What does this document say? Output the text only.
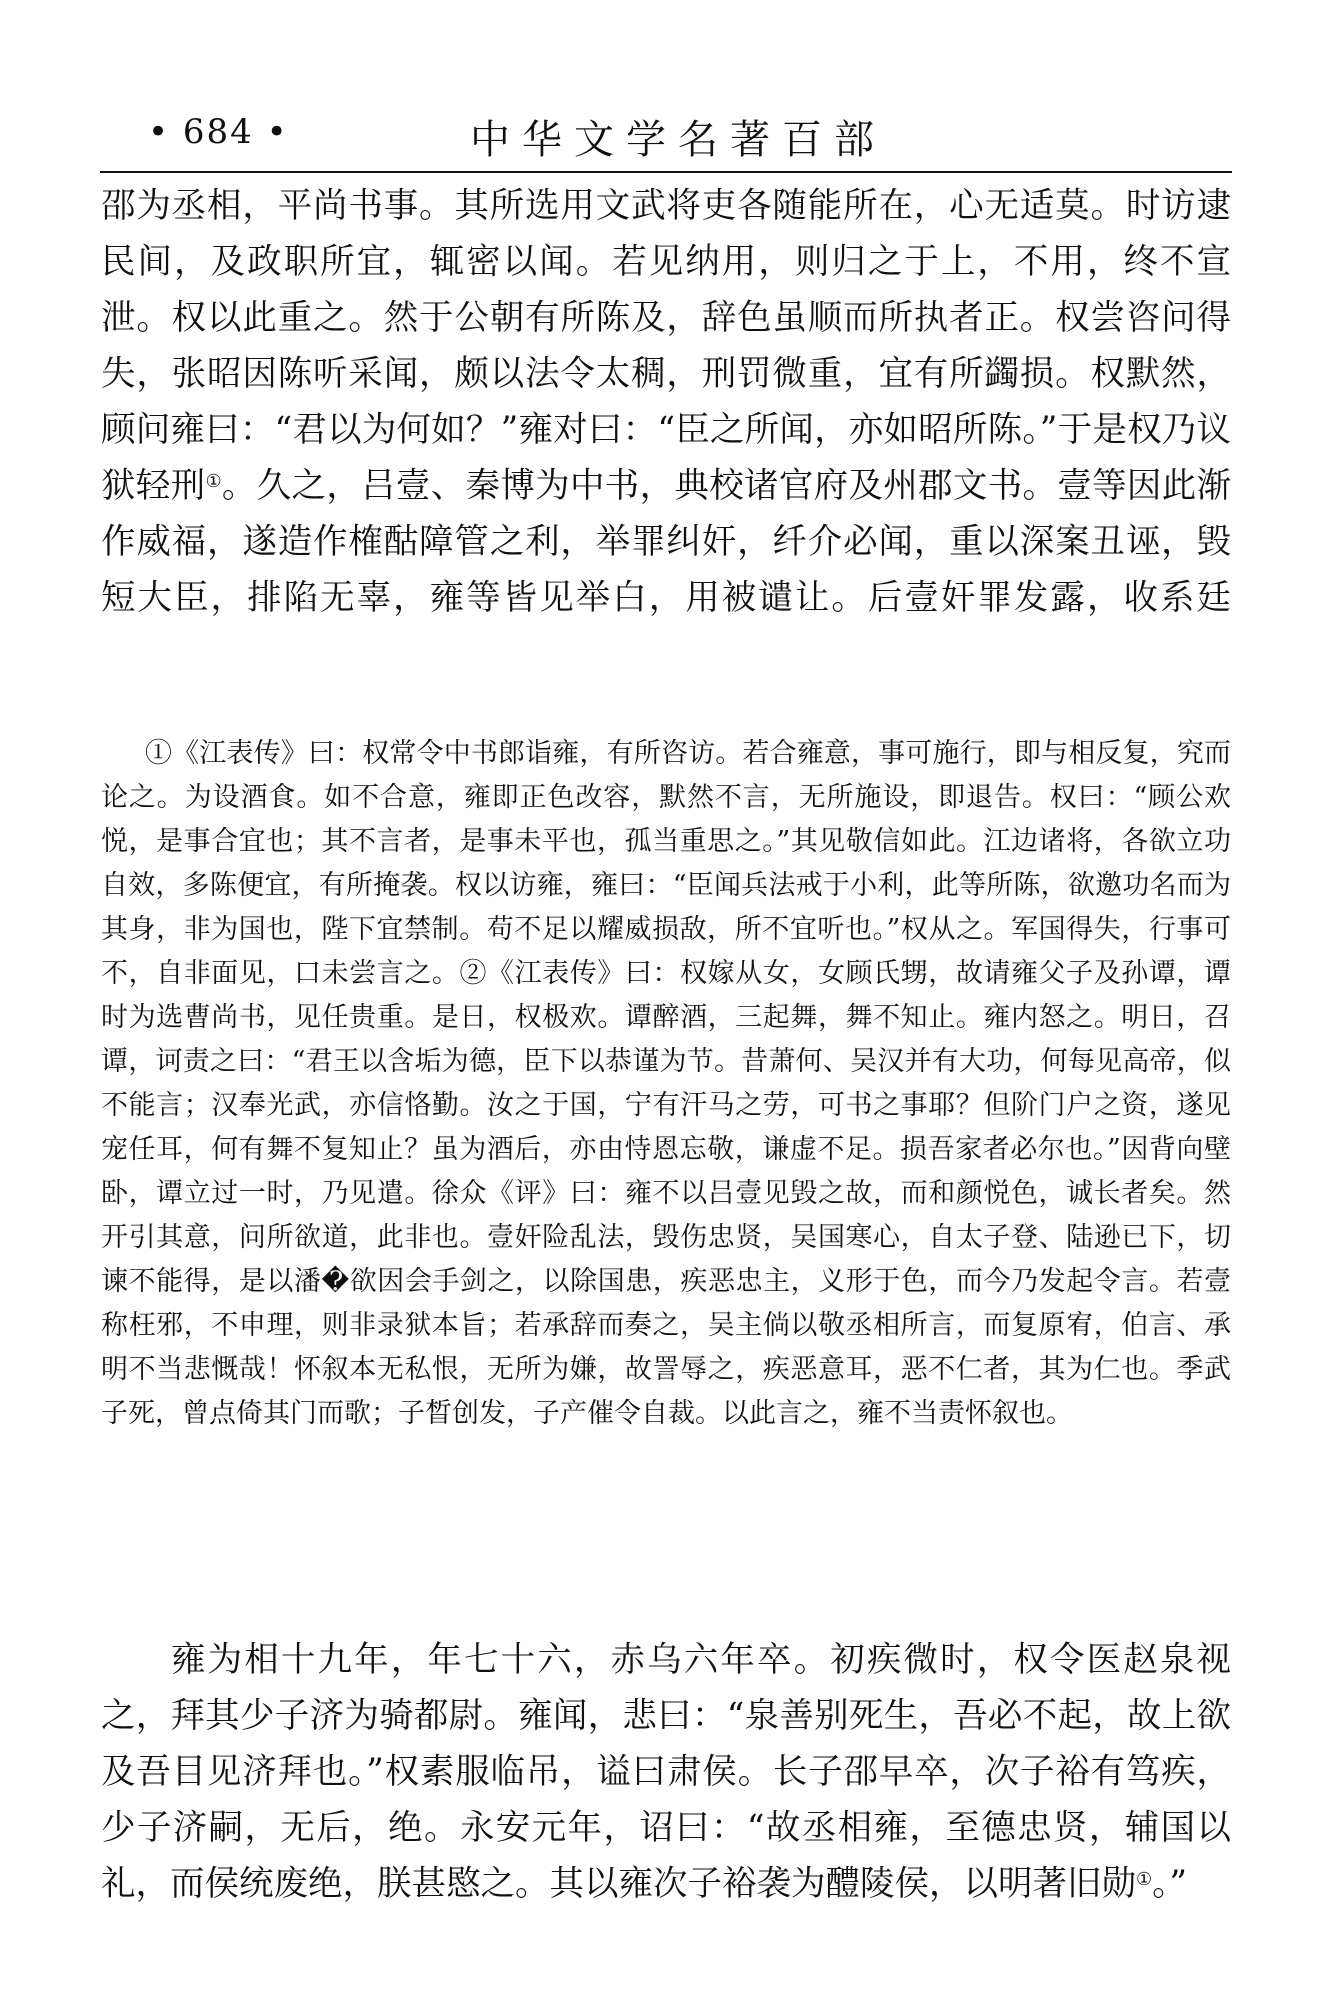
• 684 •	中华文学名著百部

邵为丞相，平尚书事。其所选用文武将吏各随能所在，心无适莫。时访逮民间，及政职所宜，辄密以闻。若见纳用，则归之于上，不用，终不宣泄。权以此重之。然于公朝有所陈及，辞色虽顺而所执者正。权尝咨问得失，张昭因陈听采闻，颇以法令太稠，刑罚微重，宜有所蠲损。权默然，顾问雍曰：“君以为何如？”雍对曰：“臣之所闻，亦如昭所陈。”于是权乃议狱轻刑①。久之，吕壹、秦博为中书，典校诸官府及州郡文书。壹等因此渐作威福，遂造作榷酤障管之利，举罪纠奸，纤介必闻，重以深案丑诬，毁短大臣，排陷无辜，雍等皆见举白，用被谴让。后壹奸罪发露，收系廷

①《江表传》曰：权常令中书郎诣雍，有所咨访。若合雍意，事可施行，即与相反复，究而论之。为设酒食。如不合意，雍即正色改容，默然不言，无所施设，即退告。权曰：“顾公欢悦，是事合宜也；其不言者，是事未平也，孤当重思之。”其见敬信如此。江边诸将，各欲立功自效，多陈便宜，有所掩袭。权以访雍，雍曰：“臣闻兵法戒于小利，此等所陈，欲邀功名而为其身，非为国也，陛下宜禁制。苟不足以耀威损敌，所不宜听也。”权从之。军国得失，行事可不，自非面见，口未尝言之。②《江表传》曰：权嫁从女，女顾氏甥，故请雍父子及孙谭，谭时为选曹尚书，见任贵重。是日，权极欢。谭醉酒，三起舞，舞不知止。雍内怒之。明日，召谭，诃责之曰：“君王以含垢为德，臣下以恭谨为节。昔萧何、吴汉并有大功，何每见高帝，似不能言；汉奉光武，亦信恪勤。汝之于国，宁有汗马之劳，可书之事耶？但阶门户之资，遂见宠任耳，何有舞不复知止？虽为酒后，亦由恃恩忘敬，谦虚不足。损吾家者必尔也。”因背向壁卧，谭立过一时，乃见遣。徐众《评》曰：雍不以吕壹见毁之故，而和颜悦色，诚长者矣。然开引其意，问所欲道，此非也。壹奸险乱法，毁伤忠贤，吴国寒心，自太子登、陆逊已下，切谏不能得，是以潘�欲因会手剑之，以除国患，疾恶忠主，义形于色，而今乃发起令言。若壹称枉邪，不申理，则非录狱本旨；若承辞而奏之，吴主倘以敬丞相所言，而复原宥，伯言、承明不当悲慨哉！怀叙本无私恨，无所为嫌，故詈辱之，疾恶意耳，恶不仁者，其为仁也。季武子死，曾点倚其门而歌；子晳创发，子产催令自裁。以此言之，雍不当责怀叙也。

雍为相十九年，年七十六，赤乌六年卒。初疾微时，权令医赵泉视之，拜其少子济为骑都尉。雍闻，悲曰：“泉善别死生，吾必不起，故上欲及吾目见济拜也。”权素服临吊，谥曰肃侯。长子邵早卒，次子裕有笃疾，少子济嗣，无后，绝。永安元年，诏曰：“故丞相雍，至德忠贤，辅国以礼，而侯统废绝，朕甚愍之。其以雍次子裕袭为醴陵侯，以明著旧勋①。”
